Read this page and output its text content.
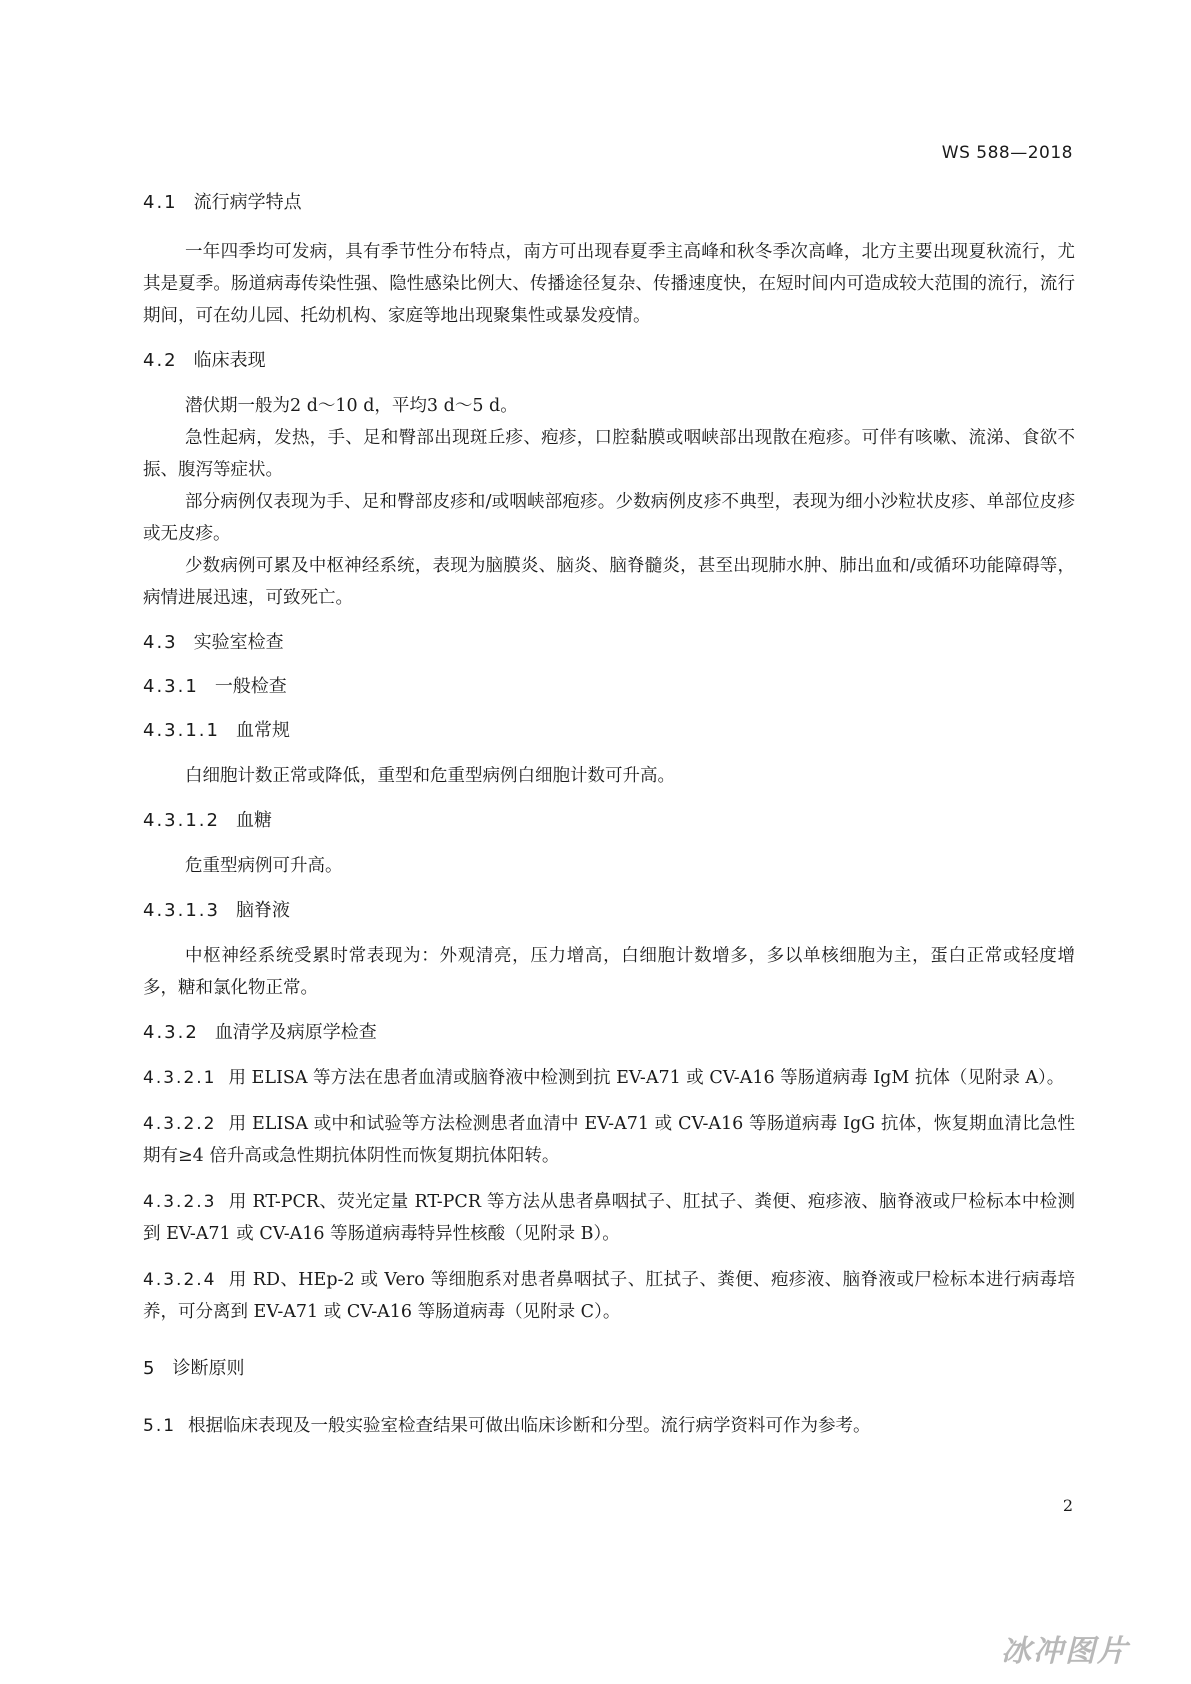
WS 588—2018
4.1 流行病学特点

一年四季均可发病，具有季节性分布特点，南方可出现春夏季主高峰和秋冬季次高峰，北方主要出现夏秋流行，尤其是夏季。肠道病毒传染性强、隐性感染比例大、传播途径复杂、传播速度快，在短时间内可造成较大范围的流行，流行期间，可在幼儿园、托幼机构、家庭等地出现聚集性或暴发疫情。

4.2 临床表现

潜伏期一般为2 d～10 d，平均3 d～5 d。

急性起病，发热，手、足和臀部出现斑丘疹、疱疹，口腔黏膜或咽峡部出现散在疱疹。可伴有咳嗽、流涕、食欲不振、腹泻等症状。

部分病例仅表现为手、足和臀部皮疹和/或咽峡部疱疹。少数病例皮疹不典型，表现为细小沙粒状皮疹、单部位皮疹或无皮疹。

少数病例可累及中枢神经系统，表现为脑膜炎、脑炎、脑脊髓炎，甚至出现肺水肿、肺出血和/或循环功能障碍等，病情进展迅速，可致死亡。

4.3 实验室检查
4.3.1 一般检查
4.3.1.1 血常规

白细胞计数正常或降低，重型和危重型病例白细胞计数可升高。

4.3.1.2 血糖

危重型病例可升高。

4.3.1.3 脑脊液

中枢神经系统受累时常表现为：外观清亮，压力增高，白细胞计数增多，多以单核细胞为主，蛋白正常或轻度增多，糖和氯化物正常。

4.3.2 血清学及病原学检查

4.3.2.1 用 ELISA 等方法在患者血清或脑脊液中检测到抗 EV-A71 或 CV-A16 等肠道病毒 IgM 抗体（见附录 A）。

4.3.2.2 用 ELISA 或中和试验等方法检测患者血清中 EV-A71 或 CV-A16 等肠道病毒 IgG 抗体，恢复期血清比急性期有≥4 倍升高或急性期抗体阴性而恢复期抗体阳转。

4.3.2.3 用 RT-PCR、荧光定量 RT-PCR 等方法从患者鼻咽拭子、肛拭子、粪便、疱疹液、脑脊液或尸检标本中检测到 EV-A71 或 CV-A16 等肠道病毒特异性核酸（见附录 B）。

4.3.2.4 用 RD、HEp-2 或 Vero 等细胞系对患者鼻咽拭子、肛拭子、粪便、疱疹液、脑脊液或尸检标本进行病毒培养，可分离到 EV-A71 或 CV-A16 等肠道病毒（见附录 C）。

5 诊断原则

5.1 根据临床表现及一般实验室检查结果可做出临床诊断和分型。流行病学资料可作为参考。

2
冰冲图片
